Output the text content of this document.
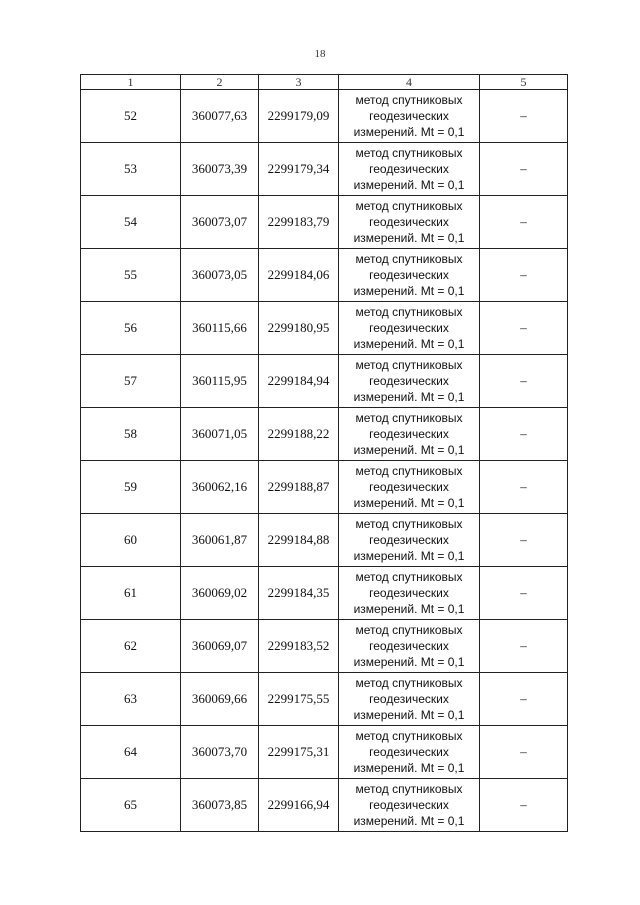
18
1	2	3	4	5
52	360077,63	2299179,09	метод спутниковых
геодезических
измерений. Mt = 0,1	–
53	360073,39	2299179,34	метод спутниковых
геодезических
измерений. Mt = 0,1	–
54	360073,07	2299183,79	метод спутниковых
геодезических
измерений. Mt = 0,1	–
55	360073,05	2299184,06	метод спутниковых
геодезических
измерений. Mt = 0,1	–
56	360115,66	2299180,95	метод спутниковых
геодезических
измерений. Mt = 0,1	–
57	360115,95	2299184,94	метод спутниковых
геодезических
измерений. Mt = 0,1	–
58	360071,05	2299188,22	метод спутниковых
геодезических
измерений. Mt = 0,1	–
59	360062,16	2299188,87	метод спутниковых
геодезических
измерений. Mt = 0,1	–
60	360061,87	2299184,88	метод спутниковых
геодезических
измерений. Mt = 0,1	–
61	360069,02	2299184,35	метод спутниковых
геодезических
измерений. Mt = 0,1	–
62	360069,07	2299183,52	метод спутниковых
геодезических
измерений. Mt = 0,1	–
63	360069,66	2299175,55	метод спутниковых
геодезических
измерений. Mt = 0,1	–
64	360073,70	2299175,31	метод спутниковых
геодезических
измерений. Mt = 0,1	–
65	360073,85	2299166,94	метод спутниковых
геодезических
измерений. Mt = 0,1	–
